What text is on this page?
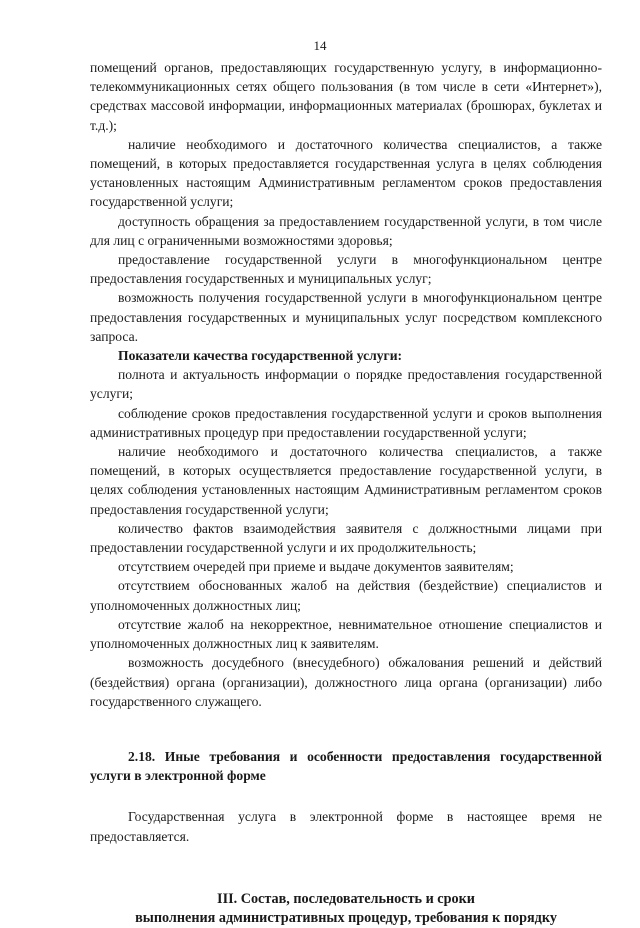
14

помещений органов, предоставляющих государственную услугу, в информационно-телекоммуникационных сетях общего пользования (в том числе в сети «Интернет»), средствах массовой информации, информационных материалах (брошюрах, буклетах и т.д.);

наличие необходимого и достаточного количества специалистов, а также помещений, в которых предоставляется государственная услуга в целях соблюдения установленных настоящим Административным регламентом сроков предоставления государственной услуги;

доступность обращения за предоставлением государственной услуги, в том числе для лиц с ограниченными возможностями здоровья;

предоставление государственной услуги в многофункциональном центре предоставления государственных и муниципальных услуг;

возможность получения государственной услуги в многофункциональном центре предоставления государственных и муниципальных услуг посредством комплексного запроса.

Показатели качества государственной услуги:

полнота и актуальность информации о порядке предоставления государственной услуги;

соблюдение сроков предоставления государственной услуги и сроков выполнения административных процедур при предоставлении государственной услуги;

наличие необходимого и достаточного количества специалистов, а также помещений, в которых осуществляется предоставление государственной услуги, в целях соблюдения установленных настоящим Административным регламентом сроков предоставления государственной услуги;

количество фактов взаимодействия заявителя с должностными лицами при предоставлении государственной услуги и их продолжительность;

отсутствием очередей при приеме и выдаче документов заявителям;

отсутствием обоснованных жалоб на действия (бездействие) специалистов и уполномоченных должностных лиц;

отсутствие жалоб на некорректное, невнимательное отношение специалистов и уполномоченных должностных лиц к заявителям.

возможность досудебного (внесудебного) обжалования решений и действий (бездействия) органа (организации), должностного лица органа (организации) либо государственного служащего.

2.18. Иные требования и особенности предоставления государственной услуги в электронной форме

Государственная услуга в электронной форме в настоящее время не предоставляется.

III. Состав, последовательность и сроки
выполнения административных процедур, требования к порядку
